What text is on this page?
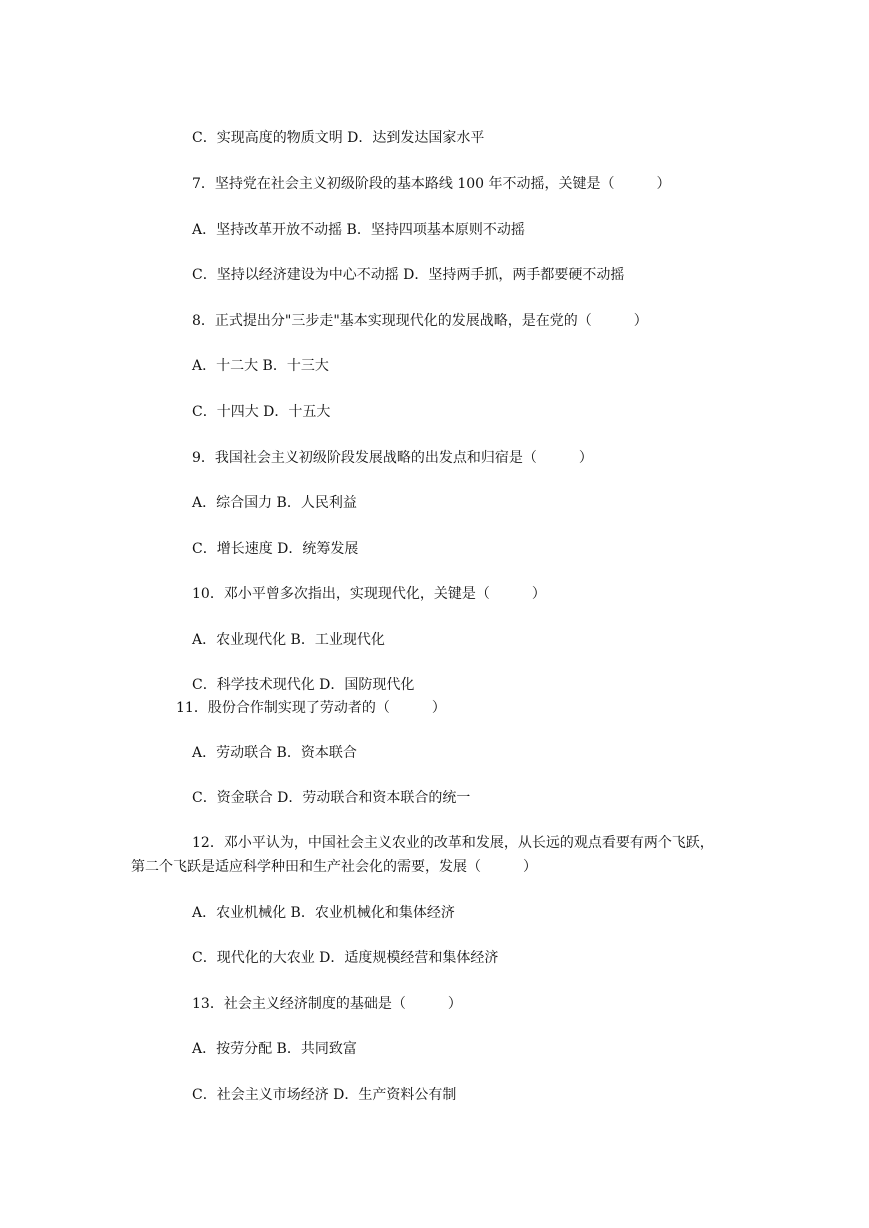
C．实现高度的物质文明 D．达到发达国家水平

7．坚持党在社会主义初级阶段的基本路线 100 年不动摇，关键是（　　　）

A．坚持改革开放不动摇 B．坚持四项基本原则不动摇

C．坚持以经济建设为中心不动摇 D．坚持两手抓，两手都要硬不动摇

8．正式提出分"三步走"基本实现现代化的发展战略，是在党的（　　　）

A．十二大 B．十三大

C．十四大 D．十五大

9．我国社会主义初级阶段发展战略的出发点和归宿是（　　　）

A．综合国力 B．人民利益

C．增长速度 D．统筹发展

10．邓小平曾多次指出，实现现代化，关键是（　　　）

A．农业现代化 B．工业现代化

C．科学技术现代化 D．国防现代化

11．股份合作制实现了劳动者的（　　　）

A．劳动联合 B．资本联合

C．资金联合 D．劳动联合和资本联合的统一

12．邓小平认为，中国社会主义农业的改革和发展，从长远的观点看要有两个飞跃，

第二个飞跃是适应科学种田和生产社会化的需要，发展（　　　）

A．农业机械化 B．农业机械化和集体经济

C．现代化的大农业 D．适度规模经营和集体经济

13．社会主义经济制度的基础是（　　　）

A．按劳分配 B．共同致富

C．社会主义市场经济 D．生产资料公有制
